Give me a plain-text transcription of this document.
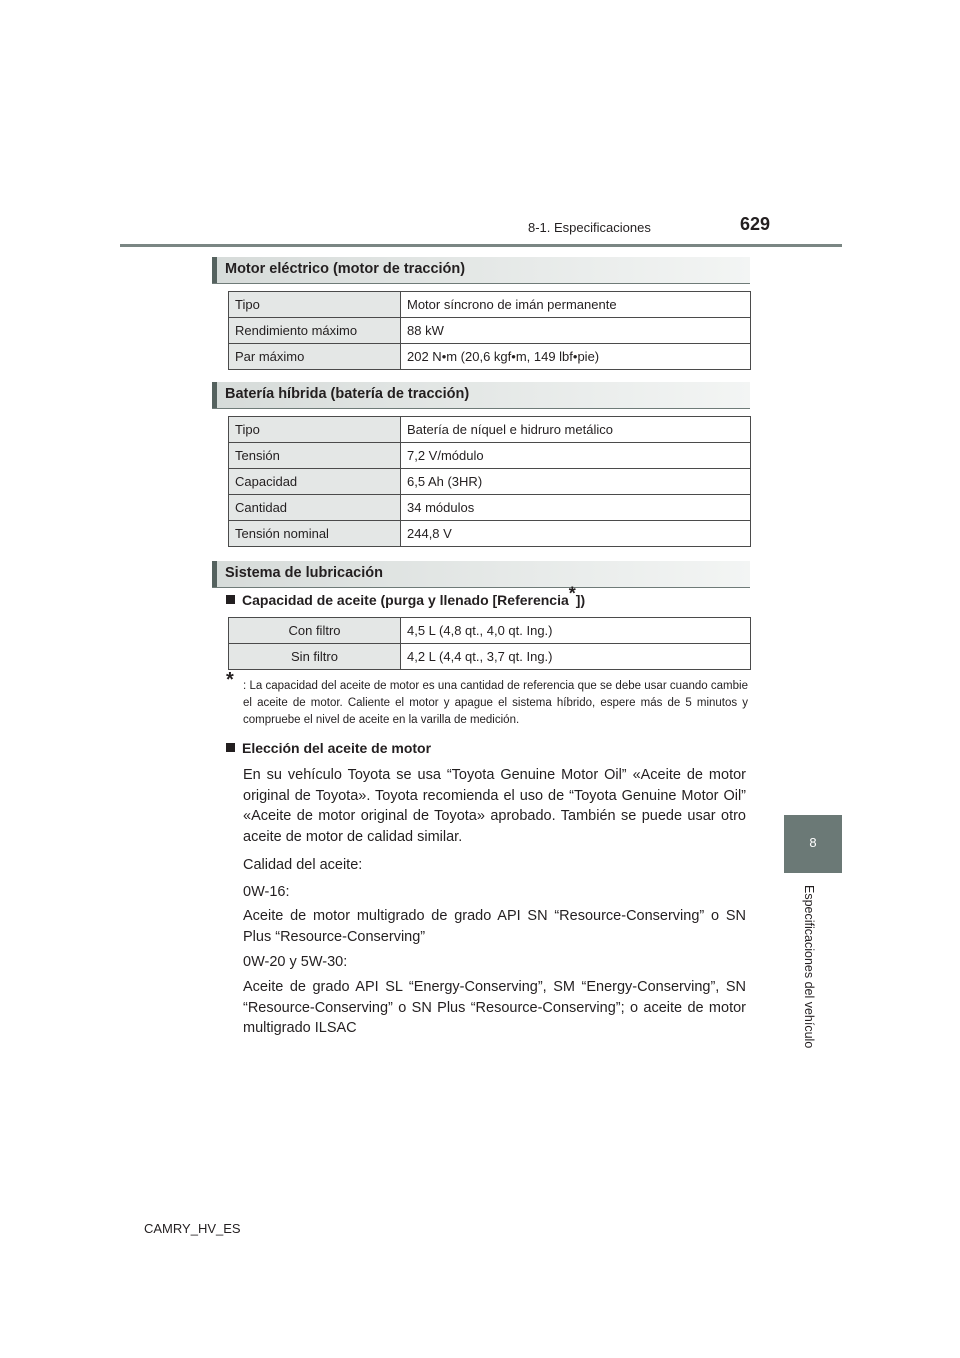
8-1. Especificaciones	629
8
Especificaciones del vehículo
Motor eléctrico (motor de tracción)
Tipo	Motor síncrono de imán permanente
Rendimiento máximo	88 kW
Par máximo	202 N•m (20,6 kgf•m, 149 lbf•pie)
Batería híbrida (batería de tracción)
Tipo	Batería de níquel e hidruro metálico
Tensión	7,2 V/módulo
Capacidad	6,5 Ah (3HR)
Cantidad	34 módulos
Tensión nominal	244,8 V
Sistema de lubricación
Capacidad de aceite (purga y llenado [Referencia*])
Con filtro	4,5 L (4,8 qt., 4,0 qt. Ing.)
Sin filtro	4,2 L (4,4 qt., 3,7 qt. Ing.)
* : La capacidad del aceite de motor es una cantidad de referencia que se debe usar cuando cambie el aceite de motor. Caliente el motor y apague el sistema híbrido, espere más de 5 minutos y compruebe el nivel de aceite en la varilla de medición.
Elección del aceite de motor
En su vehículo Toyota se usa “Toyota Genuine Motor Oil” «Aceite de motor original de Toyota». Toyota recomienda el uso de “Toyota Genuine Motor Oil” «Aceite de motor original de Toyota» aprobado. También se puede usar otro aceite de motor de calidad similar.
Calidad del aceite:
0W-16:
Aceite de motor multigrado de grado API SN “Resource-Conserving” o SN Plus “Resource-Conserving”
0W-20 y 5W-30:
Aceite de grado API SL “Energy-Conserving”, SM “Energy-Conserving”, SN “Resource-Conserving” o SN Plus “Resource-Conserving”; o aceite de motor multigrado ILSAC
CAMRY_HV_ES
